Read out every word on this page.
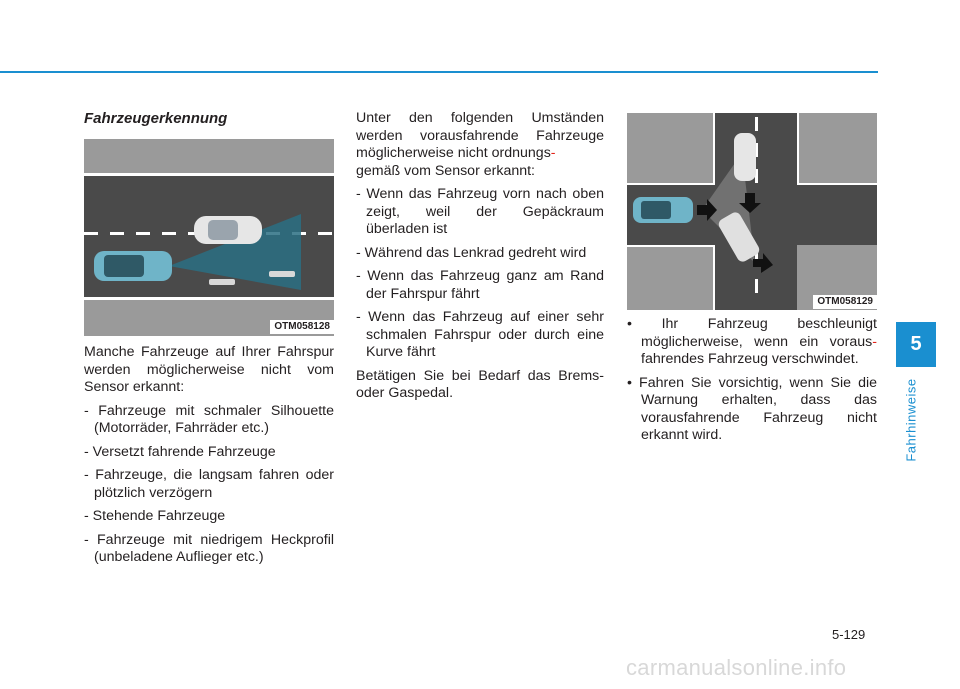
Fahrzeugerkennung

OTM058128

Manche Fahrzeuge auf Ihrer Fahrspur werden möglicherweise nicht vom Sensor erkannt:

- Fahrzeuge mit schmaler Silhouette (Motorräder, Fahrräder etc.)

- Versetzt fahrende Fahrzeuge

- Fahrzeuge, die langsam fahren oder plötzlich verzögern

- Stehende Fahrzeuge

- Fahrzeuge mit niedrigem Heckprofil (unbeladene Auflieger etc.)

Unter den folgenden Umständen werden vorausfahrende Fahrzeuge möglicherweise nicht ordnungs-
gemäß vom Sensor erkannt:

- Wenn das Fahrzeug vorn nach oben zeigt, weil der Gepäckraum überladen ist

- Während das Lenkrad gedreht wird

- Wenn das Fahrzeug ganz am Rand der Fahrspur fährt

- Wenn das Fahrzeug auf einer sehr schmalen Fahrspur oder durch eine Kurve fährt

Betätigen Sie bei Bedarf das Brems- oder Gaspedal.

OTM058129

• Ihr Fahrzeug beschleunigt möglicherweise, wenn ein voraus-fahrendes Fahrzeug verschwindet.

• Fahren Sie vorsichtig, wenn Sie die Warnung erhalten, dass das vorausfahrende Fahrzeug nicht erkannt wird.

5
Fahrhinweise
5-129
carmanualsonline.info
